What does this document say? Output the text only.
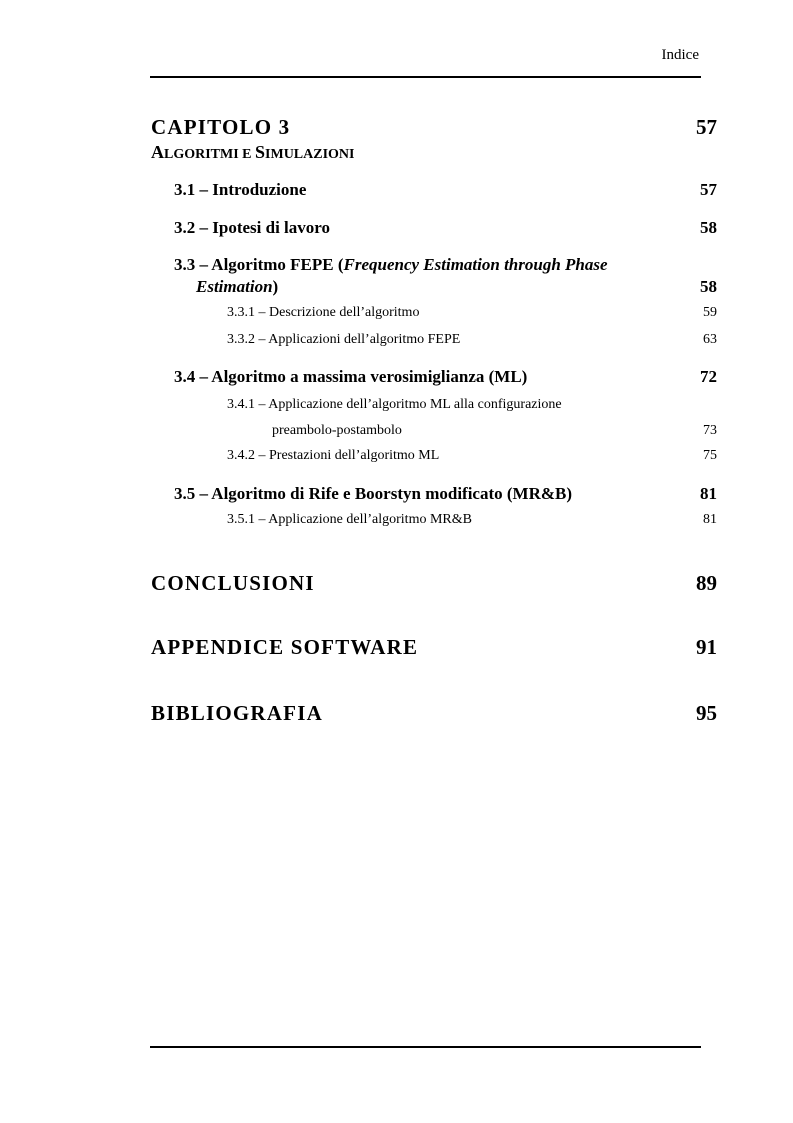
Indice
CAPITOLO 3	57
ALGORITMI E SIMULAZIONI
3.1 – Introduzione	57
3.2 – Ipotesi di lavoro	58
3.3 – Algoritmo FEPE (Frequency Estimation through Phase
Estimation)	58
3.3.1 – Descrizione dell’algoritmo	59
3.3.2 – Applicazioni dell’algoritmo FEPE	63
3.4 – Algoritmo a massima verosimiglianza (ML)	72
3.4.1 – Applicazione dell’algoritmo ML alla configurazione
preambolo-postambolo	73
3.4.2 – Prestazioni dell’algoritmo ML	75
3.5 – Algoritmo di Rife e Boorstyn modificato (MR&B)	81
3.5.1 – Applicazione dell’algoritmo MR&B	81
CONCLUSIONI	89
APPENDICE SOFTWARE	91
BIBLIOGRAFIA	95
